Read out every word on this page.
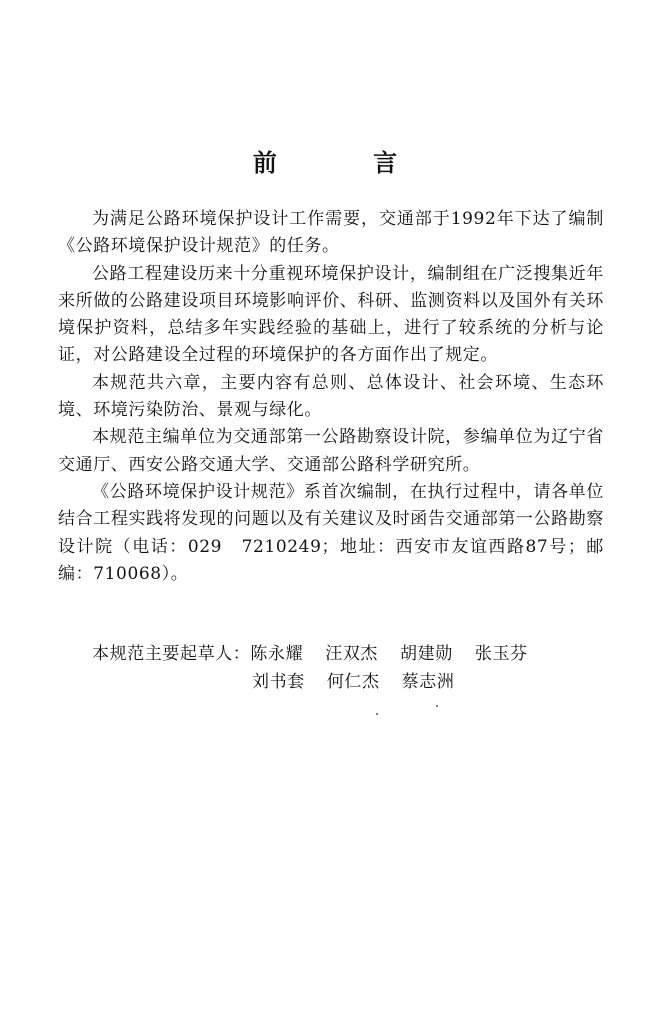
前 言

为满足公路环境保护设计工作需要，交通部于1992年下达了编制《公路环境保护设计规范》的任务。

公路工程建设历来十分重视环境保护设计，编制组在广泛搜集近年来所做的公路建设项目环境影响评价、科研、监测资料以及国外有关环境保护资料，总结多年实践经验的基础上，进行了较系统的分析与论证，对公路建设全过程的环境保护的各方面作出了规定。

本规范共六章，主要内容有总则、总体设计、社会环境、生态环境、环境污染防治、景观与绿化。

本规范主编单位为交通部第一公路勘察设计院，参编单位为辽宁省交通厅、西安公路交通大学、交通部公路科学研究所。

《公路环境保护设计规范》系首次编制，在执行过程中，请各单位结合工程实践将发现的问题以及有关建议及时函告交通部第一公路勘察设计院（电话：029　7210249；地址：西安市友谊西路87号；邮编：710068）。

本规范主要起草人：陈永耀 汪双杰 胡建勋 张玉芬

刘书套 何仁杰 蔡志洲
